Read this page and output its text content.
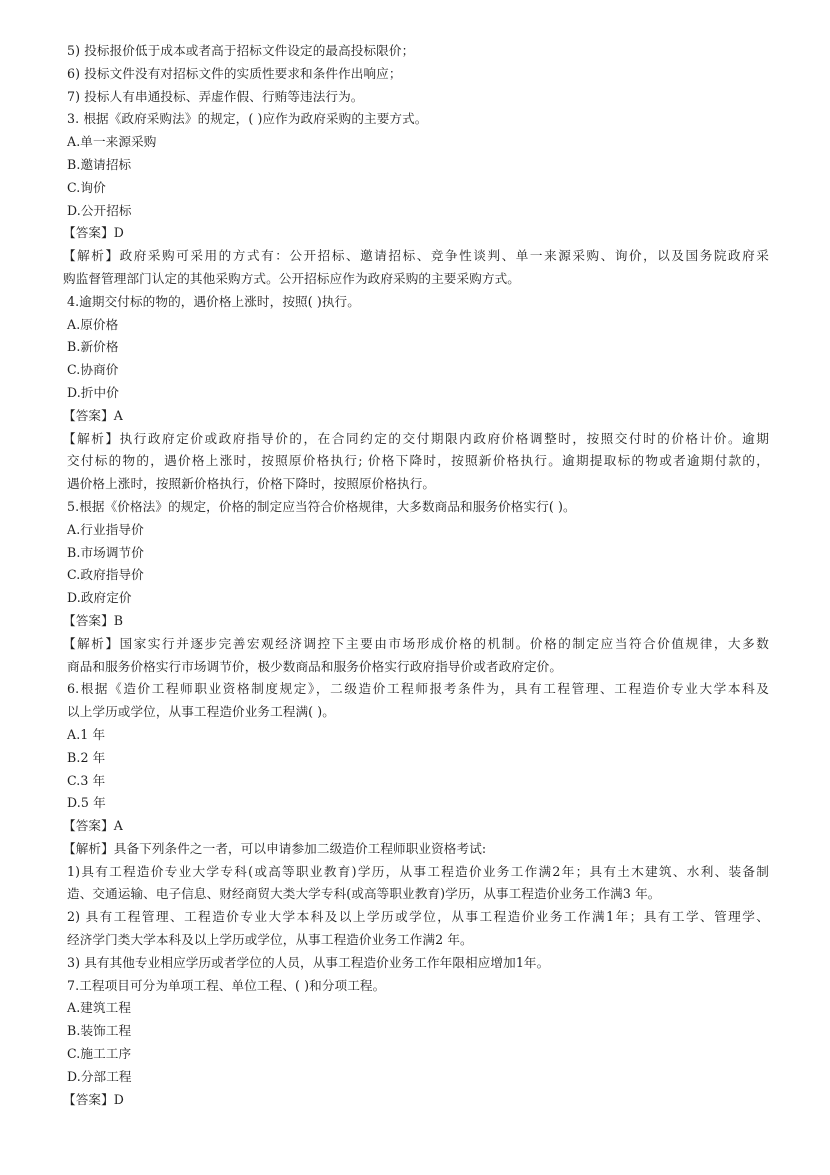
5) 投标报价低于成本或者高于招标文件设定的最高投标限价；
6) 投标文件没有对招标文件的实质性要求和条件作出响应；
7) 投标人有串通投标、弄虚作假、行贿等违法行为。
3. 根据《政府采购法》的规定，( )应作为政府采购的主要方式。
A.单一来源采购
B.邀请招标
C.询价
D.公开招标
【答案】D
【解析】政府采购可采用的方式有：公开招标、邀请招标、竞争性谈判、单一来源采购、询价，以及国务院政府采
购监督管理部门认定的其他采购方式。公开招标应作为政府采购的主要采购方式。
4.逾期交付标的物的，遇价格上涨时，按照( )执行。
A.原价格
B.新价格
C.协商价
D.折中价
【答案】A
【解析】执行政府定价或政府指导价的，在合同约定的交付期限内政府价格调整时，按照交付时的价格计价。逾期
交付标的物的，遇价格上涨时，按照原价格执行; 价格下降时，按照新价格执行。逾期提取标的物或者逾期付款的，
遇价格上涨时，按照新价格执行，价格下降时，按照原价格执行。
5.根据《价格法》的规定，价格的制定应当符合价格规律，大多数商品和服务价格实行( )。
A.行业指导价
B.市场调节价
C.政府指导价
D.政府定价
【答案】B
【解析】国家实行并逐步完善宏观经济调控下主要由市场形成价格的机制。价格的制定应当符合价值规律，大多数
商品和服务价格实行市场调节价，极少数商品和服务价格实行政府指导价或者政府定价。
6.根据《造价工程师职业资格制度规定》，二级造价工程师报考条件为，具有工程管理、工程造价专业大学本科及
以上学历或学位，从事工程造价业务工程满( )。
A.1 年
B.2 年
C.3 年
D.5 年
【答案】A
【解析】具备下列条件之一者，可以申请参加二级造价工程师职业资格考试:
1)具有工程造价专业大学专科(或高等职业教育)学历，从事工程造价业务工作满2年；具有土木建筑、水利、装备制
造、交通运输、电子信息、财经商贸大类大学专科(或高等职业教育)学历，从事工程造价业务工作满3 年。
2) 具有工程管理、工程造价专业大学本科及以上学历或学位，从事工程造价业务工作满1年；具有工学、管理学、
经济学门类大学本科及以上学历或学位，从事工程造价业务工作满2 年。
3) 具有其他专业相应学历或者学位的人员，从事工程造价业务工作年限相应增加1年。
7.工程项目可分为单项工程、单位工程、( )和分项工程。
A.建筑工程
B.装饰工程
C.施工工序
D.分部工程
【答案】D
